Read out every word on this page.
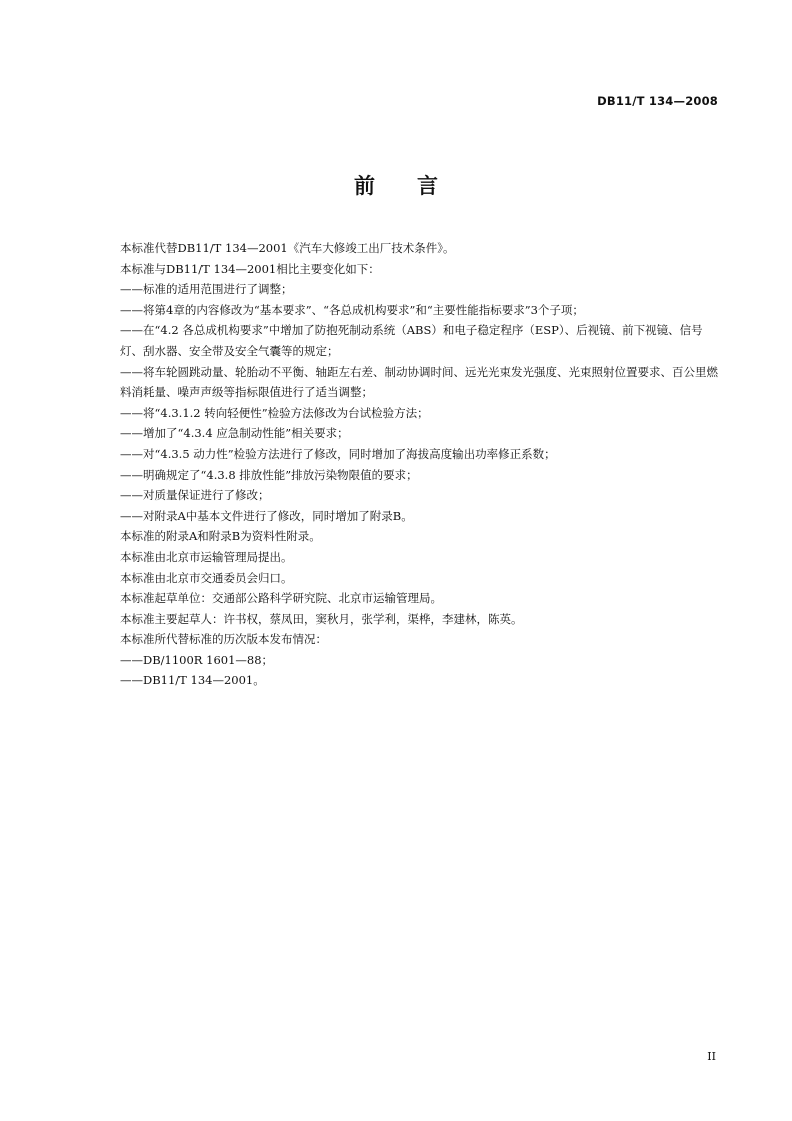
DB11/T 134—2008
前　　言

本标准代替DB11/T 134—2001《汽车大修竣工出厂技术条件》。

本标准与DB11/T 134—2001相比主要变化如下：

——标准的适用范围进行了调整；

——将第4章的内容修改为“基本要求”、“各总成机构要求”和“主要性能指标要求”3个子项；

——在“4.2 各总成机构要求”中增加了防抱死制动系统（ABS）和电子稳定程序（ESP）、后视镜、前下视镜、信号灯、刮水器、安全带及安全气囊等的规定；

——将车轮圆跳动量、轮胎动不平衡、轴距左右差、制动协调时间、远光光束发光强度、光束照射位置要求、百公里燃料消耗量、噪声声级等指标限值进行了适当调整；

——将“4.3.1.2 转向轻便性”检验方法修改为台试检验方法；

——增加了“4.3.4 应急制动性能”相关要求；

——对“4.3.5 动力性”检验方法进行了修改，同时增加了海拔高度输出功率修正系数；

——明确规定了“4.3.8 排放性能”排放污染物限值的要求；

——对质量保证进行了修改；

——对附录A中基本文件进行了修改，同时增加了附录B。

本标准的附录A和附录B为资料性附录。

本标准由北京市运输管理局提出。

本标准由北京市交通委员会归口。

本标准起草单位：交通部公路科学研究院、北京市运输管理局。

本标准主要起草人：许书权，蔡凤田，窦秋月，张学利，渠桦，李建林，陈英。

本标准所代替标准的历次版本发布情况：

——DB/1100R 1601—88；

——DB11/T 134—2001。

II
